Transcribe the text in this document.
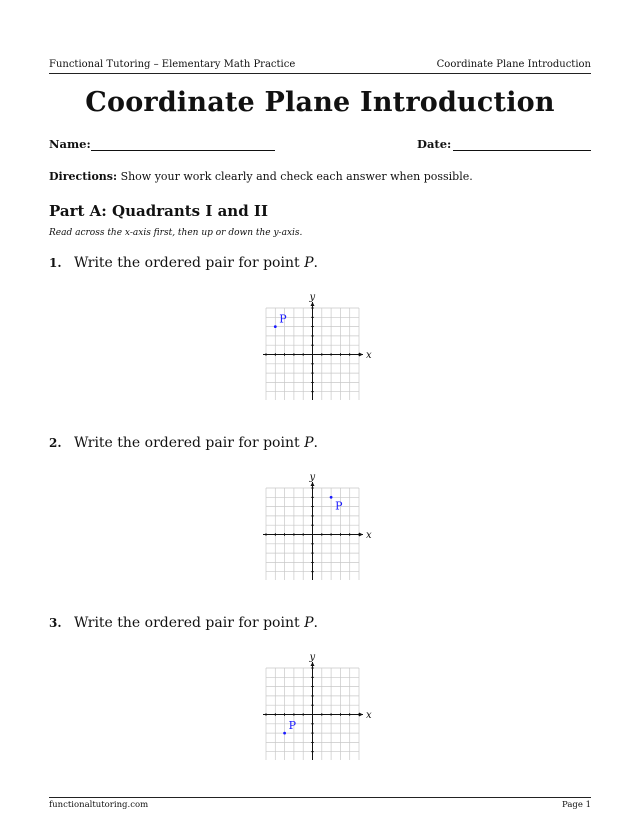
Functional Tutoring – Elementary Math Practice	Coordinate Plane Introduction
Coordinate Plane Introduction
Name:	Date:
Directions: Show your work clearly and check each answer when possible.
Part A: Quadrants I and II
Read across the x-axis first, then up or down the y-axis.
1. Write the ordered pair for point P.
x
y
P
2. Write the ordered pair for point P.
x
y
P
3. Write the ordered pair for point P.
x
y
P
functionaltutoring.com	Page 1
